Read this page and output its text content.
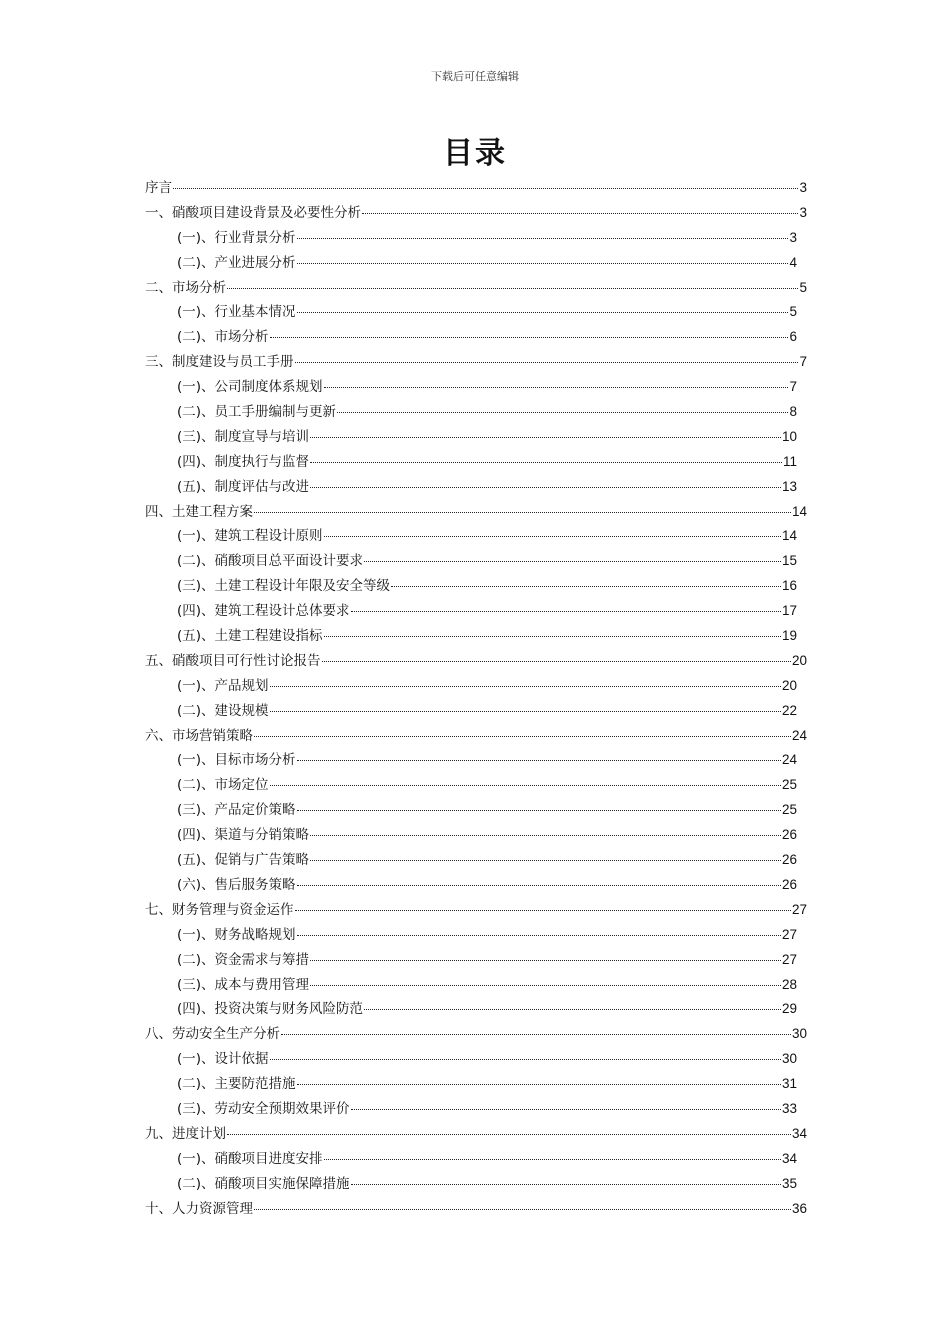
下载后可任意编辑
目录
序言	3
一、硝酸项目建设背景及必要性分析	3
(一)、行业背景分析	3
(二)、产业进展分析	4
二、市场分析	5
(一)、行业基本情况	5
(二)、市场分析	6
三、制度建设与员工手册	7
(一)、公司制度体系规划	7
(二)、员工手册编制与更新	8
(三)、制度宣导与培训	10
(四)、制度执行与监督	11
(五)、制度评估与改进	13
四、土建工程方案	14
(一)、建筑工程设计原则	14
(二)、硝酸项目总平面设计要求	15
(三)、土建工程设计年限及安全等级	16
(四)、建筑工程设计总体要求	17
(五)、土建工程建设指标	19
五、硝酸项目可行性讨论报告	20
(一)、产品规划	20
(二)、建设规模	22
六、市场营销策略	24
(一)、目标市场分析	24
(二)、市场定位	25
(三)、产品定价策略	25
(四)、渠道与分销策略	26
(五)、促销与广告策略	26
(六)、售后服务策略	26
七、财务管理与资金运作	27
(一)、财务战略规划	27
(二)、资金需求与筹措	27
(三)、成本与费用管理	28
(四)、投资决策与财务风险防范	29
八、劳动安全生产分析	30
(一)、设计依据	30
(二)、主要防范措施	31
(三)、劳动安全预期效果评价	33
九、进度计划	34
(一)、硝酸项目进度安排	34
(二)、硝酸项目实施保障措施	35
十、人力资源管理	36
